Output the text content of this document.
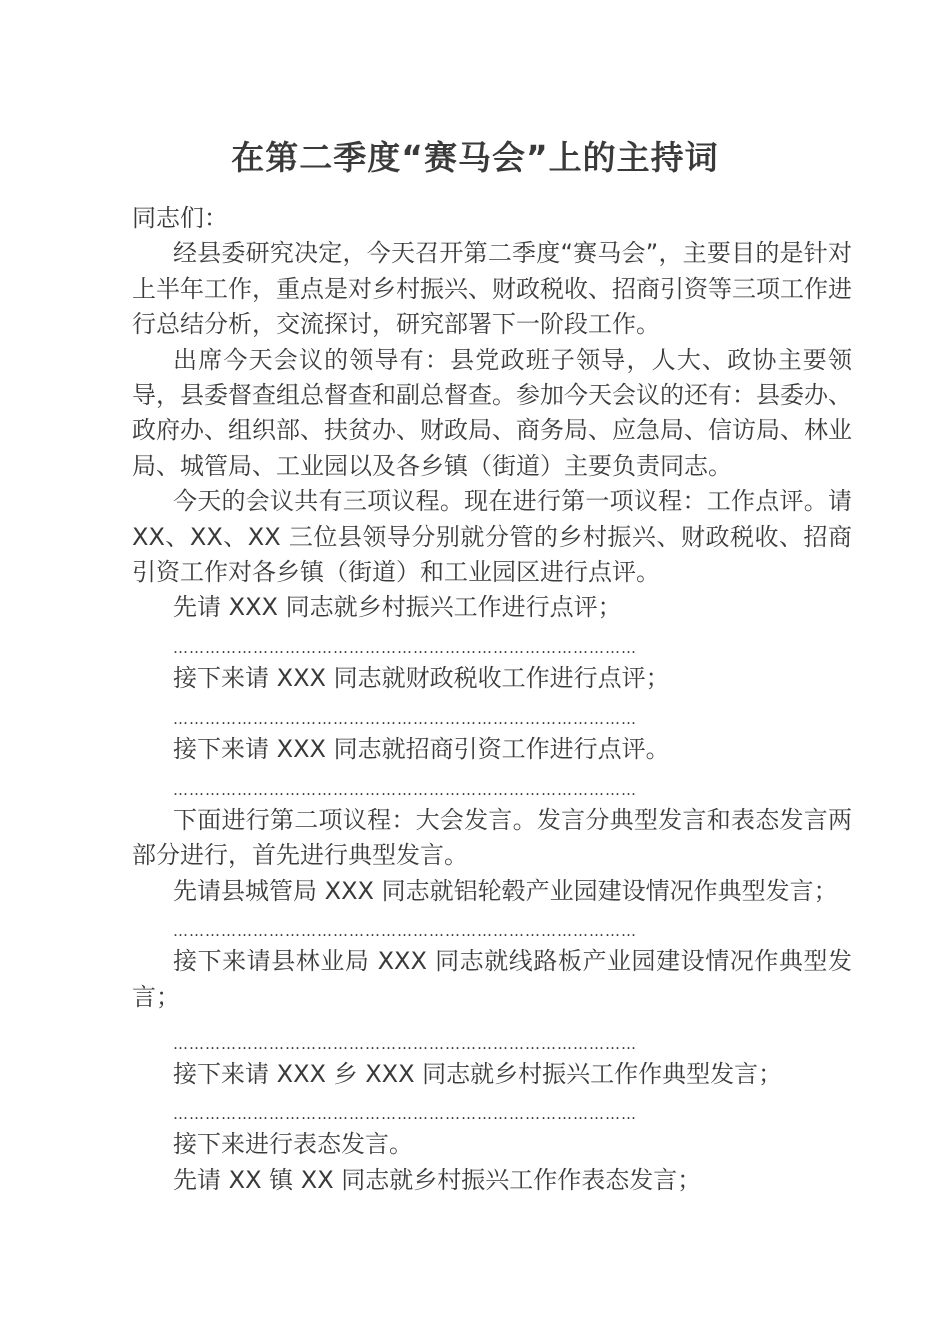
在第二季度“赛马会”上的主持词

同志们：

经县委研究决定，今天召开第二季度“赛马会”，主要目的是针对上半年工作，重点是对乡村振兴、财政税收、招商引资等三项工作进行总结分析，交流探讨，研究部署下一阶段工作。

出席今天会议的领导有：县党政班子领导，人大、政协主要领导，县委督查组总督查和副总督查。参加今天会议的还有：县委办、政府办、组织部、扶贫办、财政局、商务局、应急局、信访局、林业局、城管局、工业园以及各乡镇（街道）主要负责同志。

今天的会议共有三项议程。现在进行第一项议程：工作点评。请 XX、XX、XX 三位县领导分别就分管的乡村振兴、财政税收、招商引资工作对各乡镇（街道）和工业园区进行点评。

先请 XXX 同志就乡村振兴工作进行点评；

……………………………………………………………………………

接下来请 XXX 同志就财政税收工作进行点评；

……………………………………………………………………………

接下来请 XXX 同志就招商引资工作进行点评。

……………………………………………………………………………

下面进行第二项议程：大会发言。发言分典型发言和表态发言两部分进行，首先进行典型发言。

先请县城管局 XXX 同志就铝轮毂产业园建设情况作典型发言；

……………………………………………………………………………

接下来请县林业局 XXX 同志就线路板产业园建设情况作典型发言；

……………………………………………………………………………

接下来请 XXX 乡 XXX 同志就乡村振兴工作作典型发言；

……………………………………………………………………………

接下来进行表态发言。

先请 XX 镇 XX 同志就乡村振兴工作作表态发言；
